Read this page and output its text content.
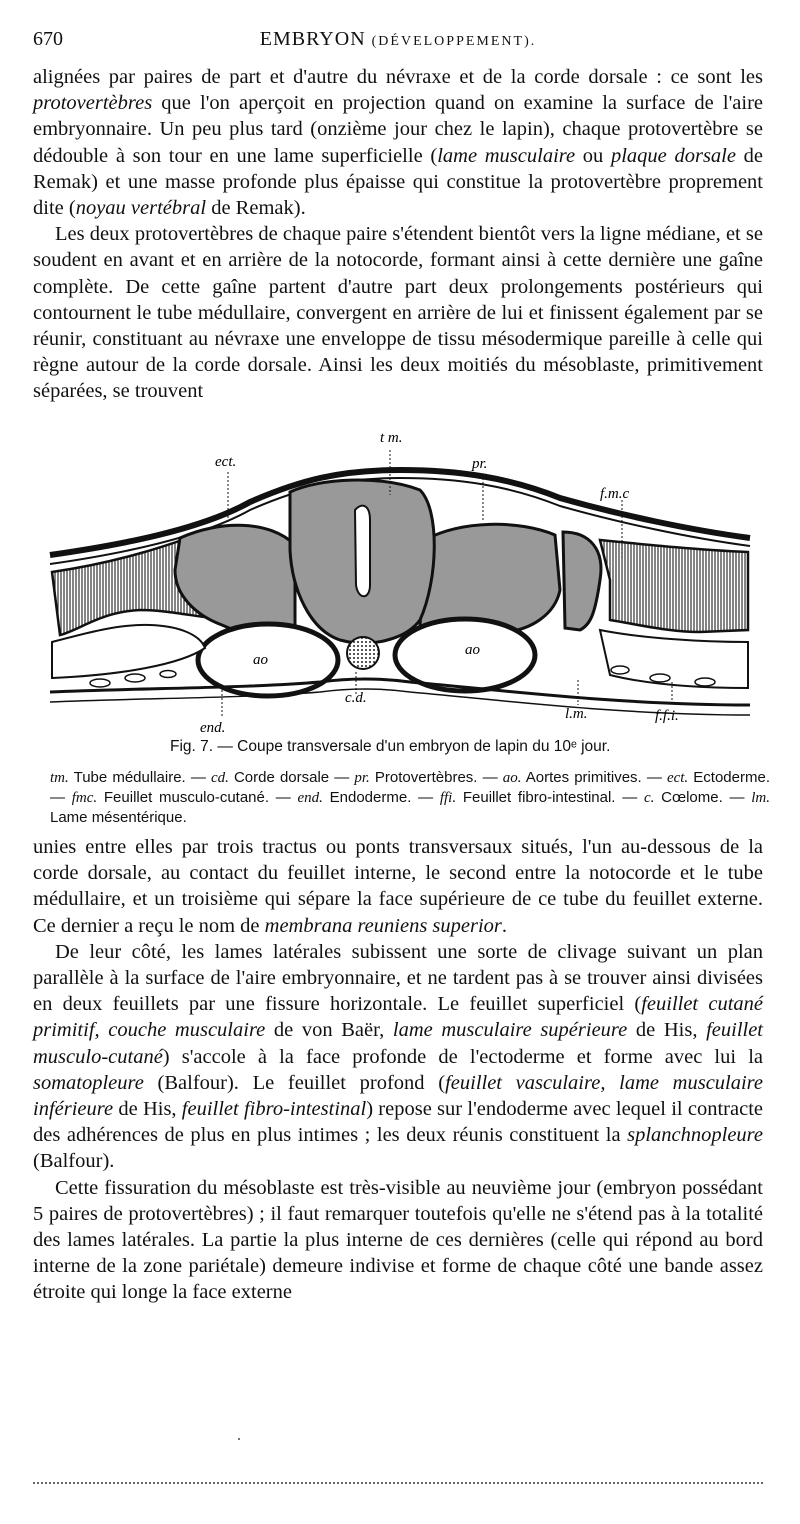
670	EMBRYON (DÉVELOPPEMENT).

alignées par paires de part et d'autre du névraxe et de la corde dorsale : ce sont les protovertèbres que l'on aperçoit en projection quand on examine la surface de l'aire embryonnaire. Un peu plus tard (onzième jour chez le lapin), chaque protovertèbre se dédouble à son tour en une lame superficielle (lame musculaire ou plaque dorsale de Remak) et une masse profonde plus épaisse qui constitue la protovertèbre proprement dite (noyau vertébral de Remak).

Les deux protovertèbres de chaque paire s'étendent bientôt vers la ligne médiane, et se soudent en avant et en arrière de la notocorde, formant ainsi à cette dernière une gaîne complète. De cette gaîne partent d'autre part deux prolongements postérieurs qui contournent le tube médullaire, convergent en arrière de lui et finissent également par se réunir, constituant au névraxe une enveloppe de tissu mésodermique pareille à celle qui règne autour de la corde dorsale. Ainsi les deux moitiés du mésoblaste, primitivement séparées, se trouvent

t m.
ect.	pr.
f.m.c
ao
ao
c.d.
end.
l.m.	f.f.i.
Fig. 7. — Coupe transversale d'un embryon de lapin du 10ᵉ jour.
tm. Tube médullaire. — cd. Corde dorsale — pr. Protovertèbres. — ao. Aortes primitives. — ect. Ectoderme. — fmc. Feuillet musculo-cutané. — end. Endoderme. — ffi. Feuillet fibro-intestinal. — c. Cœlome. — lm. Lame mésentérique.

unies entre elles par trois tractus ou ponts transversaux situés, l'un au-dessous de la corde dorsale, au contact du feuillet interne, le second entre la notocorde et le tube médullaire, et un troisième qui sépare la face supérieure de ce tube du feuillet externe. Ce dernier a reçu le nom de membrana reuniens superior.

De leur côté, les lames latérales subissent une sorte de clivage suivant un plan parallèle à la surface de l'aire embryonnaire, et ne tardent pas à se trouver ainsi divisées en deux feuillets par une fissure horizontale. Le feuillet superficiel (feuillet cutané primitif, couche musculaire de von Baër, lame musculaire supérieure de His, feuillet musculo-cutané) s'accole à la face profonde de l'ectoderme et forme avec lui la somatopleure (Balfour). Le feuillet profond (feuillet vasculaire, lame musculaire inférieure de His, feuillet fibro-intestinal) repose sur l'endoderme avec lequel il contracte des adhérences de plus en plus intimes ; les deux réunis constituent la splanchnopleure (Balfour).

Cette fissuration du mésoblaste est très-visible au neuvième jour (embryon possédant 5 paires de protovertèbres) ; il faut remarquer toutefois qu'elle ne s'étend pas à la totalité des lames latérales. La partie la plus interne de ces dernières (celle qui répond au bord interne de la zone pariétale) demeure indivise et forme de chaque côté une bande assez étroite qui longe la face externe
